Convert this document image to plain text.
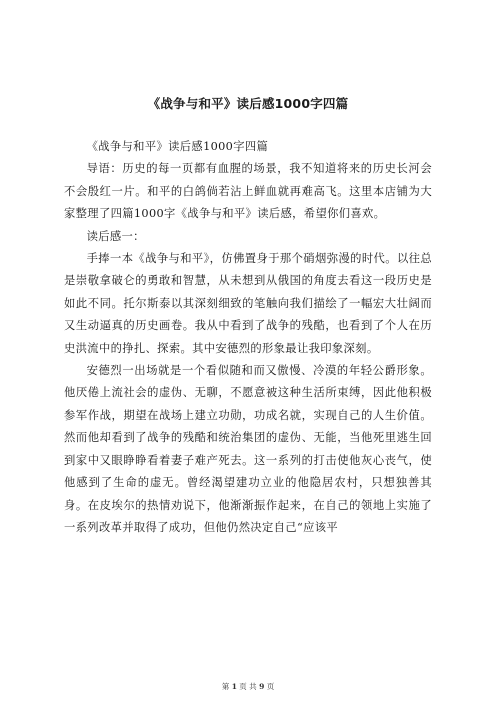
《战争与和平》读后感1000字四篇

《战争与和平》读后感1000字四篇

导语：历史的每一页都有血腥的场景，我不知道将来的历史长河会不会殷红一片。和平的白鸽倘若沾上鲜血就再难高飞。这里本店铺为大家整理了四篇1000字《战争与和平》读后感，希望你们喜欢。

读后感一：

手捧一本《战争与和平》，仿佛置身于那个硝烟弥漫的时代。以往总是崇敬拿破仑的勇敢和智慧，从未想到从俄国的角度去看这一段历史是如此不同。托尔斯泰以其深刻细致的笔触向我们描绘了一幅宏大壮阔而又生动逼真的历史画卷。我从中看到了战争的残酷，也看到了个人在历史洪流中的挣扎、探索。其中安德烈的形象最让我印象深刻。

安德烈一出场就是一个看似随和而又傲慢、冷漠的年轻公爵形象。他厌倦上流社会的虚伪、无聊，不愿意被这种生活所束缚，因此他积极参军作战，期望在战场上建立功勋，功成名就，实现自己的人生价值。然而他却看到了战争的残酷和统治集团的虚伪、无能，当他死里逃生回到家中又眼睁睁看着妻子难产死去。这一系列的打击使他灰心丧气，使他感到了生命的虚无。曾经渴望建功立业的他隐居农村，只想独善其身。在皮埃尔的热情劝说下，他渐渐振作起来，在自己的领地上实施了一系列改革并取得了成功，但他仍然决定自己“应该平

第 1 页 共 9 页
